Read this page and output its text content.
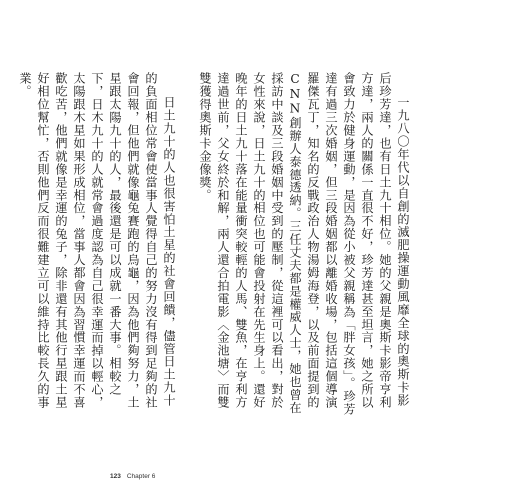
一九八〇年代以自創的滅肥操運動風靡全球的奧斯卡影后珍芳達，也有日土九十相位。她的父親是奧斯卡影帝亨利方達，兩人的關係一直很不好，珍芳達甚至坦言，她之所以會致力於健身運動，是因為從小被父親稱為「胖女孩」。珍芳達有過三次婚姻，但三段婚姻都以離婚收場，包括這個導演羅傑瓦丁，知名的反戰政治人物湯姆海登，以及前面提到的CNN創辦人泰德透納。三任丈夫都是權威人士，她也曾在採訪中談及三段婚姻中受到的壓制，從這裡可以看出，對於女性來說，日土九十的相位也可能會投射在先生身上。還好晚年的日土九十落在能量衝突較輕的人馬、雙魚，在亨利方達過世前，父女終於和解，兩人還合拍電影〈金池塘〉而雙雙獲得奧斯卡金像獎。

日土九十的人也很害怕土星的社會回饋，儘管日土九十的負面相位常會使當事人覺得自己的努力沒有得到足夠的社會回報，但他們就像龜兔賽跑的烏龜，因為他們夠努力，土星跟太陽九十的人，最後還是可以成就一番大事。相較之下，日木九十的人就常會過度認為自己很幸運而掉以輕心，太陽跟木星如果形成相位，當事人都會因為習慣幸運而不喜歡吃苦，他們就像是幸運的兔子，除非還有其他行星跟土星好相位幫忙，否則他們反而很難建立可以維持比較長久的事業。

123 Chapter 6
